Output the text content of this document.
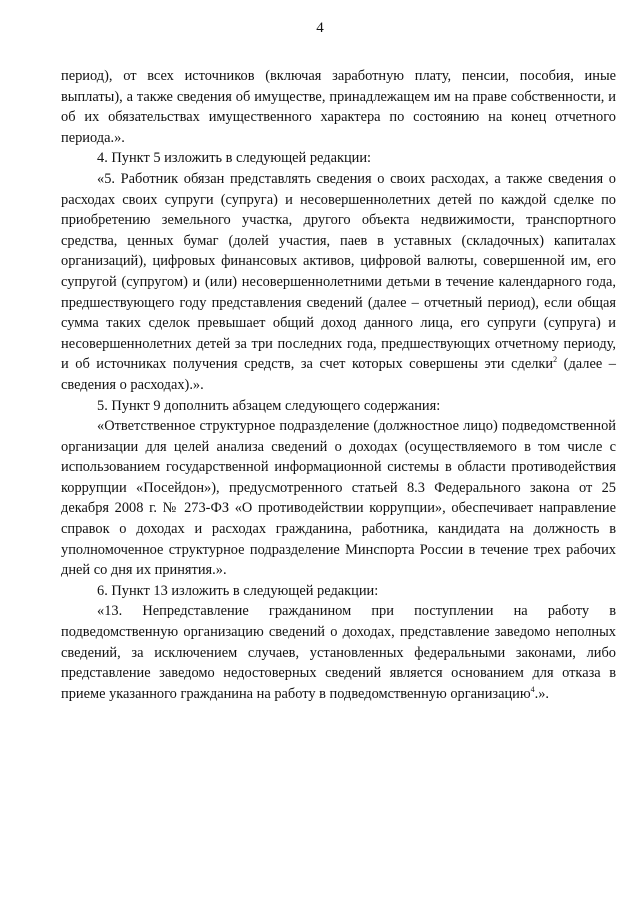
4

период), от всех источников (включая заработную плату, пенсии, пособия, иные выплаты), а также сведения об имуществе, принадлежащем им на праве собственности, и об их обязательствах имущественного характера по состоянию на конец отчетного периода.».

4. Пункт 5 изложить в следующей редакции:

«5. Работник обязан представлять сведения о своих расходах, а также сведения о расходах своих супруги (супруга) и несовершеннолетних детей по каждой сделке по приобретению земельного участка, другого объекта недвижимости, транспортного средства, ценных бумаг (долей участия, паев в уставных (складочных) капиталах организаций), цифровых финансовых активов, цифровой валюты, совершенной им, его супругой (супругом) и (или) несовершеннолетними детьми в течение календарного года, предшествующего году представления сведений (далее – отчетный период), если общая сумма таких сделок превышает общий доход данного лица, его супруги (супруга) и несовершеннолетних детей за три последних года, предшествующих отчетному периоду, и об источниках получения средств, за счет которых совершены эти сделки$^2$ (далее – сведения о расходах).».

5. Пункт 9 дополнить абзацем следующего содержания:

«Ответственное структурное подразделение (должностное лицо) подведомственной организации для целей анализа сведений о доходах (осуществляемого в том числе с использованием государственной информационной системы в области противодействия коррупции «Посейдон»), предусмотренного статьей 8.3 Федерального закона от 25 декабря 2008 г. № 273-ФЗ «О противодействии коррупции», обеспечивает направление справок о доходах и расходах гражданина, работника, кандидата на должность в уполномоченное структурное подразделение Минспорта России в течение трех рабочих дней со дня их принятия.».

6. Пункт 13 изложить в следующей редакции:

«13. Непредставление гражданином при поступлении на работу в подведомственную организацию сведений о доходах, представление заведомо неполных сведений, за исключением случаев, установленных федеральными законами, либо представление заведомо недостоверных сведений является основанием для отказа в приеме указанного гражданина на работу в подведомственную организацию$^4$.».
